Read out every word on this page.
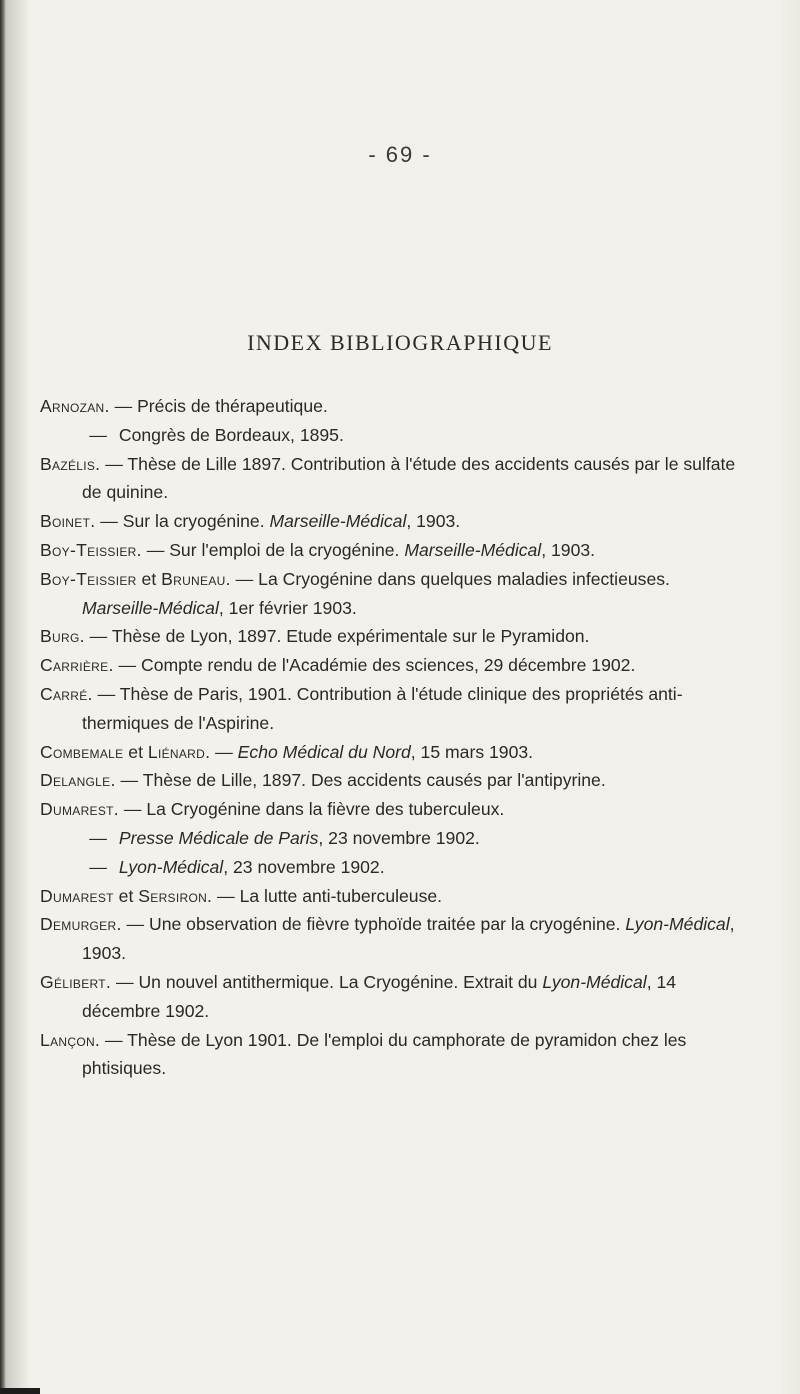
- 69 -
INDEX BIBLIOGRAPHIQUE
Arnozan. — Précis de thérapeutique.
— Congrès de Bordeaux, 1895.
Bazélis. — Thèse de Lille 1897. Contribution à l'étude des accidents causés par le sulfate de quinine.
Boinet. — Sur la cryogénine. Marseille-Médical, 1903.
Boy-Teissier. — Sur l'emploi de la cryogénine. Marseille-Médical, 1903.
Boy-Teissier et Bruneau. — La Cryogénine dans quelques maladies infectieuses. Marseille-Médical, 1er février 1903.
Burg. — Thèse de Lyon, 1897. Etude expérimentale sur le Pyramidon.
Carrière. — Compte rendu de l'Académie des sciences, 29 décembre 1902.
Carré. — Thèse de Paris, 1901. Contribution à l'étude clinique des propriétés anti-thermiques de l'Aspirine.
Combemale et Liénard. — Echo Médical du Nord, 15 mars 1903.
Delangle. — Thèse de Lille, 1897. Des accidents causés par l'antipyrine.
Dumarest. — La Cryogénine dans la fièvre des tuberculeux.
— Presse Médicale de Paris, 23 novembre 1902.
— Lyon-Médical, 23 novembre 1902.
Dumarest et Sersiron. — La lutte anti-tuberculeuse.
Demurger. — Une observation de fièvre typhoïde traitée par la cryogénine. Lyon-Médical, 1903.
Gélibert. — Un nouvel antithermique. La Cryogénine. Extrait du Lyon-Médical, 14 décembre 1902.
Lançon. — Thèse de Lyon 1901. De l'emploi du camphorate de pyramidon chez les phtisiques.
